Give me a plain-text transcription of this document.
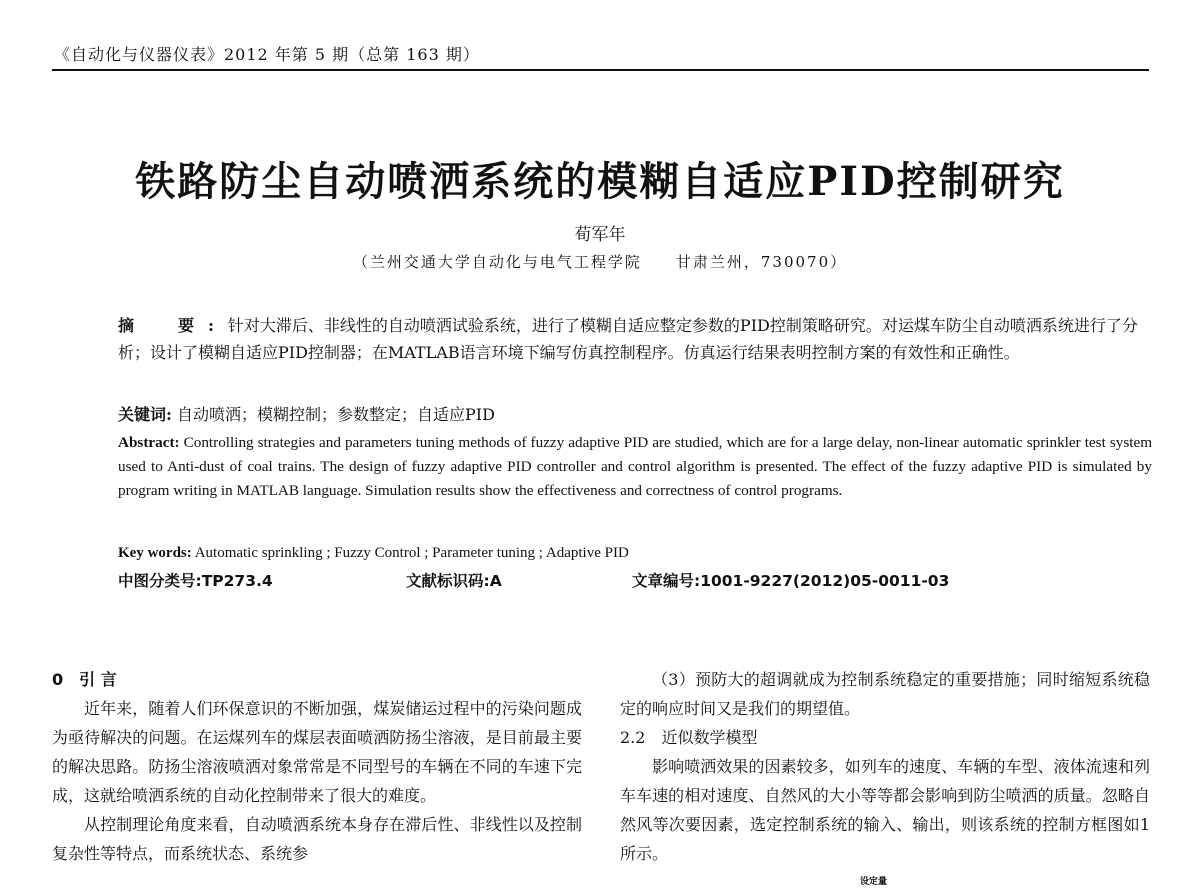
《自动化与仪器仪表》2012 年第 5 期（总第 163 期）
铁路防尘自动喷洒系统的模糊自适应PID控制研究
荀军年
（兰州交通大学自动化与电气工程学院　　甘肃兰州，730070）
摘　要:针对大滞后、非线性的自动喷洒试验系统，进行了模糊自适应整定参数的PID控制策略研究。对运煤车防尘自动喷洒系统进行了分析；设计了模糊自适应PID控制器；在MATLAB语言环境下编写仿真控制程序。仿真运行结果表明控制方案的有效性和正确性。
关键词: 自动喷洒；模糊控制；参数整定；自适应PID
Abstract: Controlling strategies and parameters tuning methods of fuzzy adaptive PID are studied, which are for a large delay, non-linear automatic sprinkler test system used to Anti-dust of coal trains. The design of fuzzy adaptive PID controller and control algorithm is presented. The effect of the fuzzy adaptive PID is simulated by program writing in MATLAB language. Simulation results show the effectiveness and correctness of control programs.
Key words: Automatic sprinkling ; Fuzzy Control ; Parameter tuning ; Adaptive PID
中图分类号:TP273.4	文献标识码:A	文章编号:1001-9227(2012)05-0011-03
0　引 言

近年来，随着人们环保意识的不断加强，煤炭储运过程中的污染问题成为亟待解决的问题。在运煤列车的煤层表面喷洒防扬尘溶液，是目前最主要的解决思路。防扬尘溶液喷洒对象常常是不同型号的车辆在不同的车速下完成，这就给喷洒系统的自动化控制带来了很大的难度。

从控制理论角度来看，自动喷洒系统本身存在滞后性、非线性以及控制复杂性等特点，而系统状态、系统参

（3）预防大的超调就成为控制系统稳定的重要措施；同时缩短系统稳定的响应时间又是我们的期望值。

2.2　近似数学模型

影响喷洒效果的因素较多，如列车的速度、车辆的车型、液体流速和列车车速的相对速度、自然风的大小等等都会影响到防尘喷洒的质量。忽略自然风等次要因素，选定控制系统的输入、输出，则该系统的控制方框图如1 所示。

设定量
